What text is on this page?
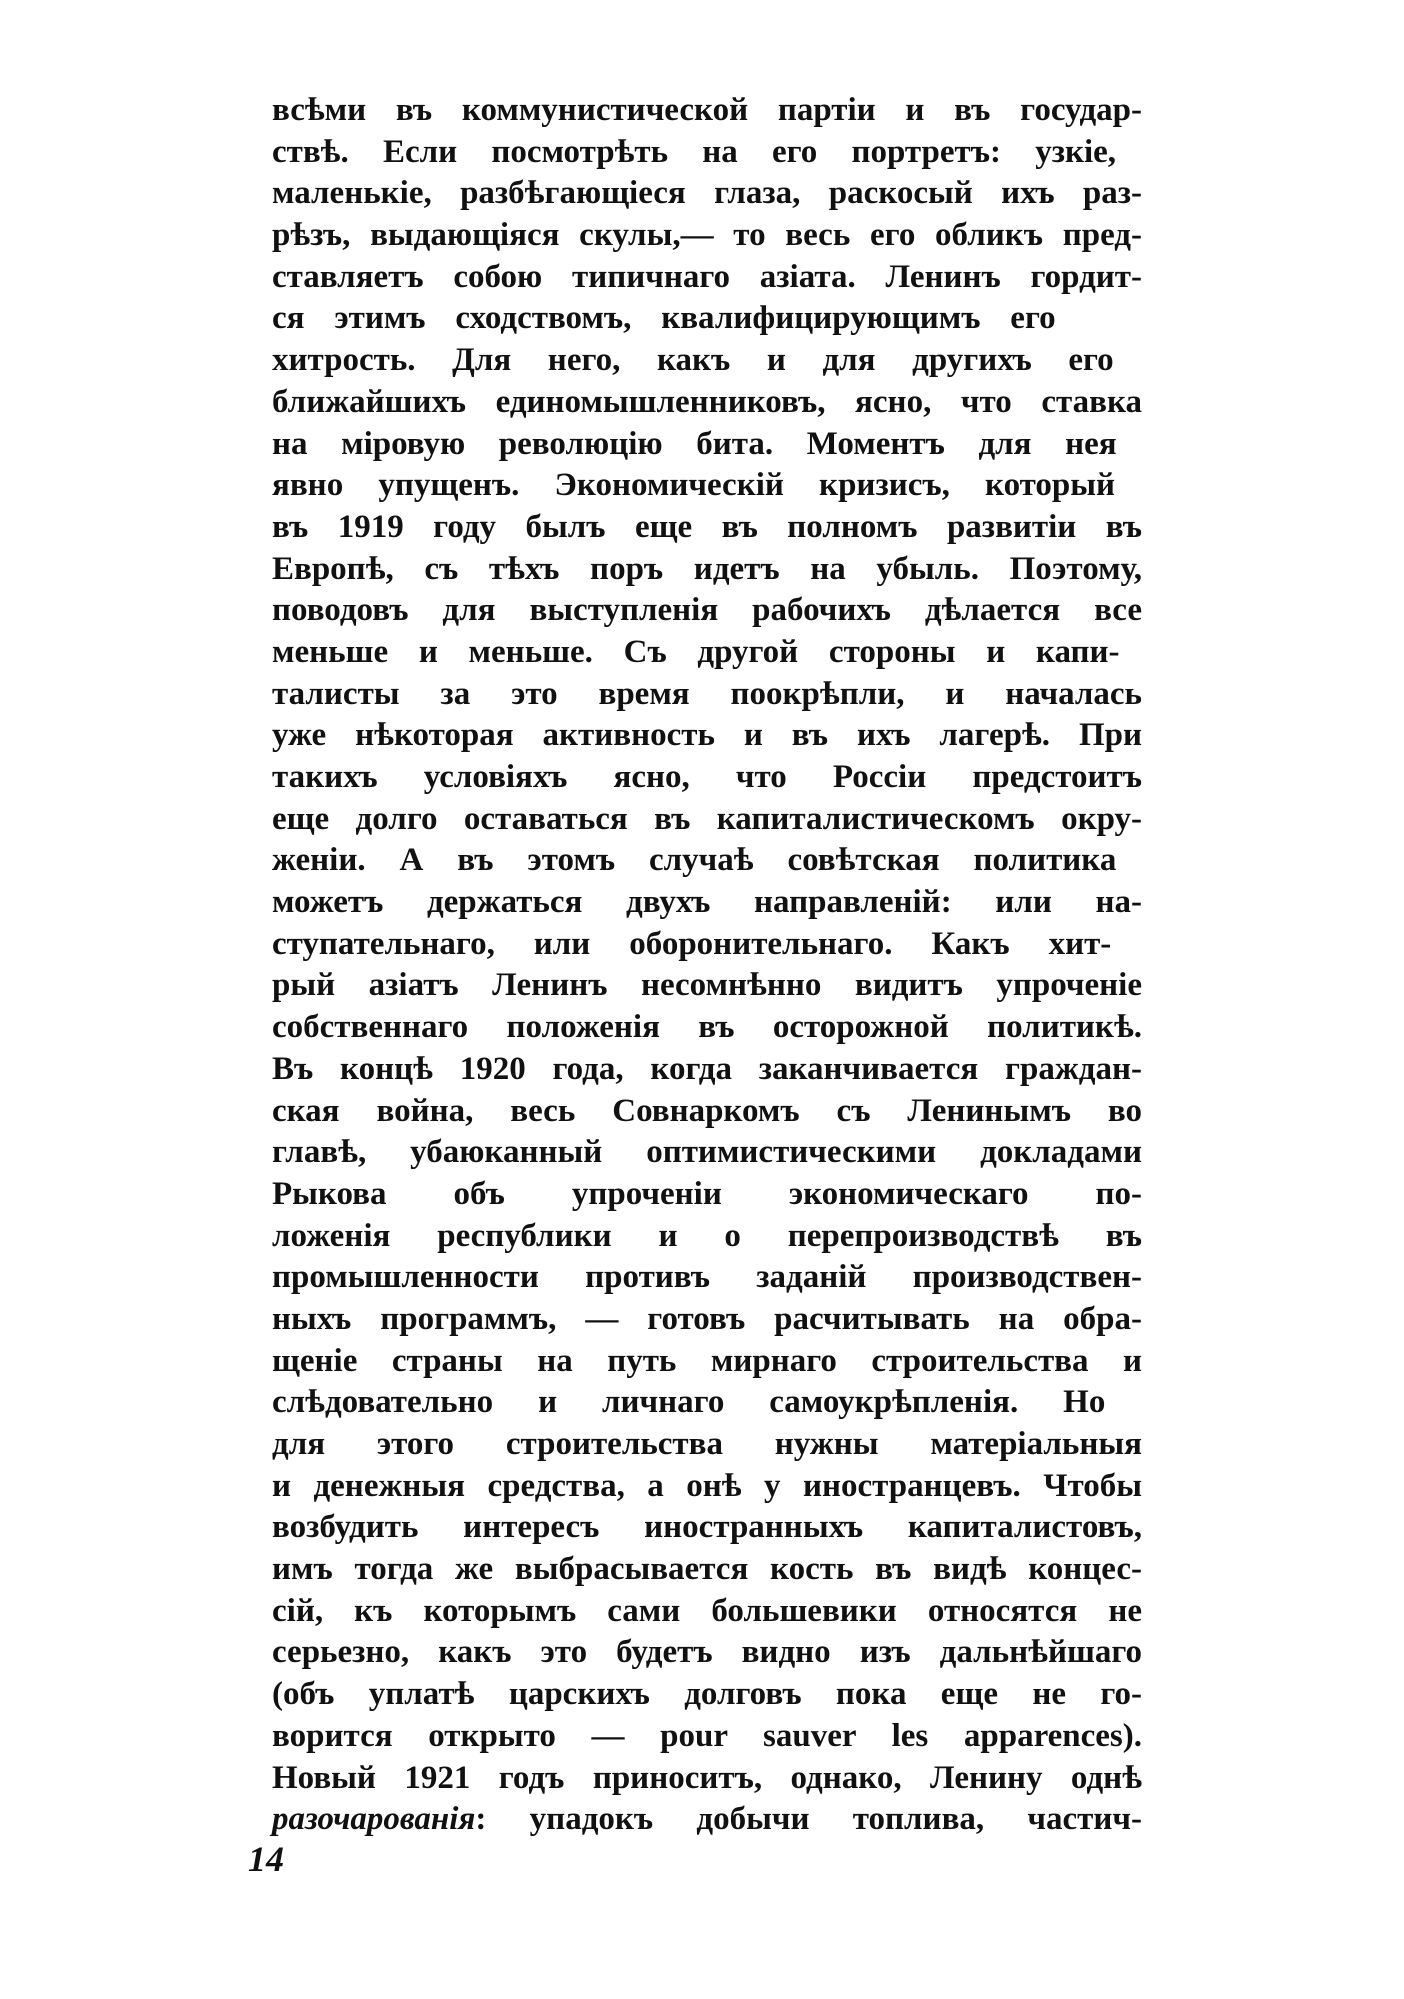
всѣми въ коммунистической партіи и въ государ-
ствѣ. Если посмотрѣть на его портретъ: узкіе,
маленькіе, разбѣгающіеся глаза, раскосый ихъ раз-
рѣзъ, выдающіяся скулы,— то весь его обликъ пред-
ставляетъ собою типичнаго азіата. Ленинъ гордит-
ся этимъ сходствомъ, квалифицирующимъ его
хитрость. Для него, какъ и для другихъ его
ближайшихъ единомышленниковъ, ясно, что ставка
на міровую революцію бита. Моментъ для нея
явно упущенъ. Экономическій кризисъ, который
въ 1919 году былъ еще въ полномъ развитіи въ
Европѣ, съ тѣхъ поръ идетъ на убыль. Поэтому,
поводовъ для выступленія рабочихъ дѣлается все
меньше и меньше. Съ другой стороны и капи-
талисты за это время поокрѣпли, и началась
уже нѣкоторая активность и въ ихъ лагерѣ. При
такихъ условіяхъ ясно, что Россіи предстоитъ
еще долго оставаться въ капиталистическомъ окру-
женіи. А въ этомъ случаѣ совѣтская политика
можетъ держаться двухъ направленій: или на-
ступательнаго, или оборонительнаго. Какъ хит-
рый азіатъ Ленинъ несомнѣнно видитъ упроченіе
собственнаго положенія въ осторожной политикѣ.
Въ концѣ 1920 года, когда заканчивается граждан-
ская война, весь Совнаркомъ съ Ленинымъ во
главѣ, убаюканный оптимистическими докладами
Рыкова объ упроченіи экономическаго по-
ложенія республики и о перепроизводствѣ въ
промышленности противъ заданій производствен-
ныхъ программъ, — готовъ расчитывать на обра-
щеніе страны на путь мирнаго строительства и
слѣдовательно и личнаго самоукрѣпленія. Но
для этого строительства нужны матеріальныя
и денежныя средства, а онѣ у иностранцевъ. Чтобы
возбудить интересъ иностранныхъ капиталистовъ,
имъ тогда же выбрасывается кость въ видѣ концес-
сій, къ которымъ сами большевики относятся не
серьезно, какъ это будетъ видно изъ дальнѣйшаго
(объ уплатѣ царскихъ долговъ пока еще не го-
ворится открыто — pour sauver les apparences).
Новый 1921 годъ приноситъ, однако, Ленину однѣ
разочарованія: упадокъ добычи топлива, частич-
14
